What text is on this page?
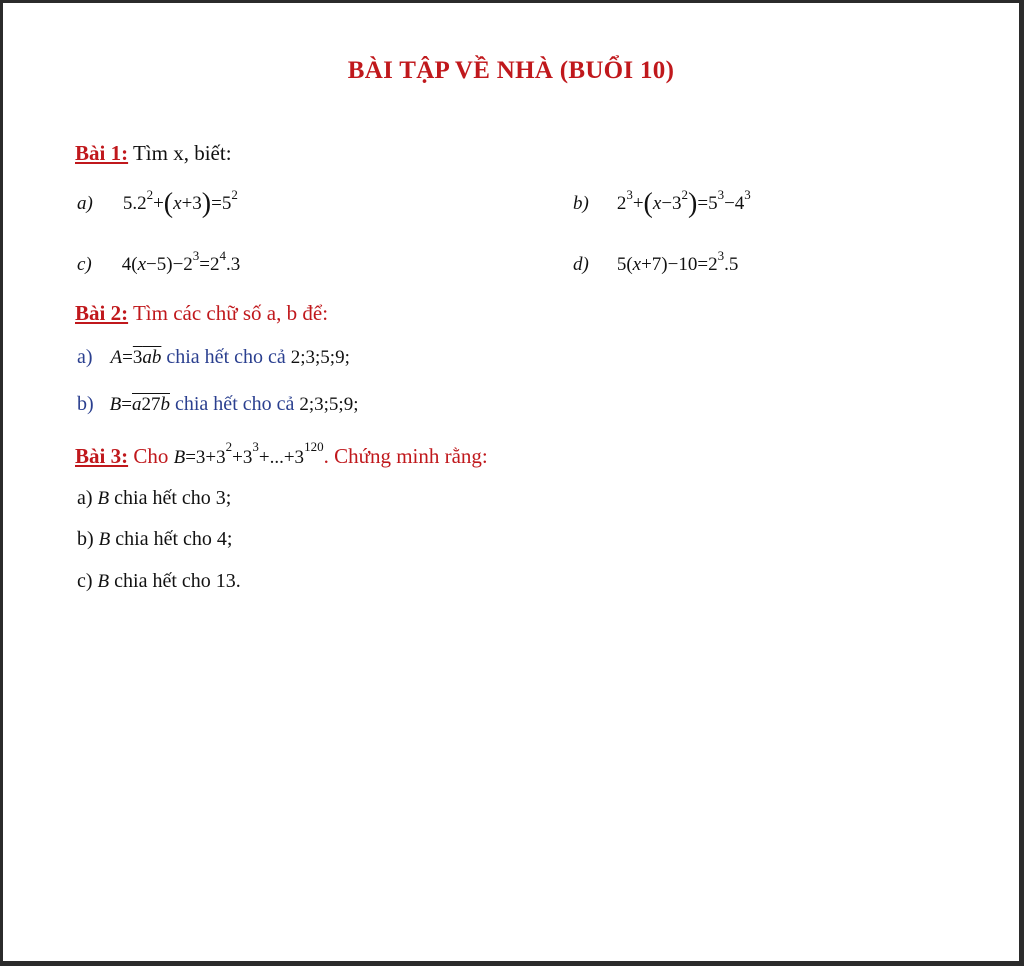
BÀI TẬP VỀ NHÀ (BUỔI 10)
Bài 1: Tìm x, biết:
a) $5.2^2+(x+3)=5^2$	b) $2^3+(x-3^2)=5^3-4^3$
c) $4(x-5)-2^3=2^4.3$	d) $5(x+7)-10=2^3.5$
Bài 2: Tìm các chữ số a, b để:
a) A=3ab chia hết cho cả 2;3;5;9;
b) B=a27b chia hết cho cả 2;3;5;9;
Bài 3: Cho $B=3+3^2+3^3+...+3^{120}$. Chứng minh rằng:
a) B chia hết cho 3;
b) B chia hết cho 4;
c) B chia hết cho 13.
